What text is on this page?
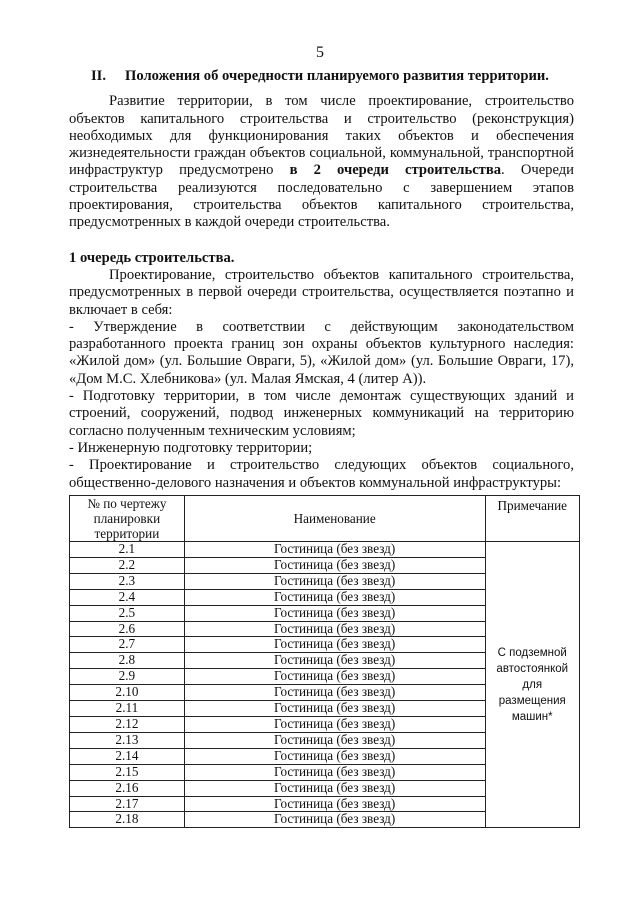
5
II. Положения об очередности планируемого развития территории.

Развитие территории, в том числе проектирование, строительство объектов капитального строительства и строительство (реконструкция) необходимых для функционирования таких объектов и обеспечения жизнедеятельности граждан объектов социальной, коммунальной, транспортной инфраструктур предусмотрено в 2 очереди строительства. Очереди строительства реализуются последовательно с завершением этапов проектирования, строительства объектов капитального строительства, предусмотренных в каждой очереди строительства.

1 очередь строительства.

Проектирование, строительство объектов капитального строительства, предусмотренных в первой очереди строительства, осуществляется поэтапно и включает в себя:

- Утверждение в соответствии с действующим законодательством разработанного проекта границ зон охраны объектов культурного наследия: «Жилой дом» (ул. Большие Овраги, 5), «Жилой дом» (ул. Большие Овраги, 17), «Дом М.С. Хлебникова» (ул. Малая Ямская, 4 (литер А)).

- Подготовку территории, в том числе демонтаж существующих зданий и строений, сооружений, подвод инженерных коммуникаций на территорию согласно полученным техническим условиям;

- Инженерную подготовку территории;

- Проектирование и строительство следующих объектов социального, общественно-делового назначения и объектов коммунальной инфраструктуры:

№ по чертежу планировки территории	Наименование	Примечание
2.1	Гостиница (без звезд)	С подземной автостоянкой для размещения машин*
2.2	Гостиница (без звезд)	
2.3	Гостиница (без звезд)	
2.4	Гостиница (без звезд)	
2.5	Гостиница (без звезд)	
2.6	Гостиница (без звезд)	
2.7	Гостиница (без звезд)	
2.8	Гостиница (без звезд)	
2.9	Гостиница (без звезд)	
2.10	Гостиница (без звезд)	
2.11	Гостиница (без звезд)	
2.12	Гостиница (без звезд)	
2.13	Гостиница (без звезд)	
2.14	Гостиница (без звезд)	
2.15	Гостиница (без звезд)	
2.16	Гостиница (без звезд)	
2.17	Гостиница (без звезд)	
2.18	Гостиница (без звезд)	
